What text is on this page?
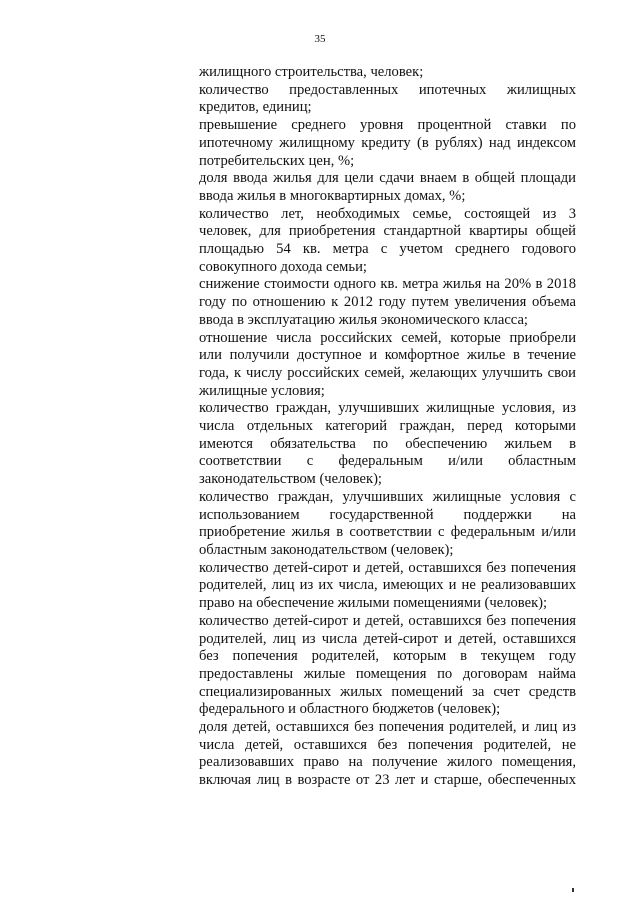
35

жилищного строительства, человек;

количество предоставленных ипотечных жилищных кредитов, единиц;

превышение среднего уровня процентной ставки по ипотечному жилищному кредиту (в рублях) над индексом потребительских цен, %;

доля ввода жилья для цели сдачи внаем в общей площади ввода жилья в многоквартирных домах, %;

количество лет, необходимых семье, состоящей из 3 человек, для приобретения стандартной квартиры общей площадью 54 кв. метра с учетом среднего годового совокупного дохода семьи;

снижение стоимости одного кв. метра жилья на 20% в 2018 году по отношению к 2012 году путем увеличения объема ввода в эксплуатацию жилья экономического класса;

отношение числа российских семей, которые приобрели или получили доступное и комфортное жилье в течение года, к числу российских семей, желающих улучшить свои жилищные условия;

количество граждан, улучшивших жилищные условия, из числа отдельных категорий граждан, перед которыми имеются обязательства по обеспечению жильем в соответствии с федеральным и/или областным законодательством (человек);

количество граждан, улучшивших жилищные условия с использованием государственной поддержки на приобретение жилья в соответствии с федеральным и/или областным законодательством (человек);

количество детей-сирот и детей, оставшихся без попечения родителей, лиц из их числа, имеющих и не реализовавших право на обеспечение жилыми помещениями (человек);

количество детей-сирот и детей, оставшихся без попечения родителей, лиц из числа детей-сирот и детей, оставшихся без попечения родителей, которым в текущем году предоставлены жилые помещения по договорам найма специализированных жилых помещений за счет средств федерального и областного бюджетов (человек);

доля детей, оставшихся без попечения родителей, и лиц из числа детей, оставшихся без попечения родителей, не реализовавших право на получение жилого помещения, включая лиц в возрасте от 23 лет и старше, обеспеченных
